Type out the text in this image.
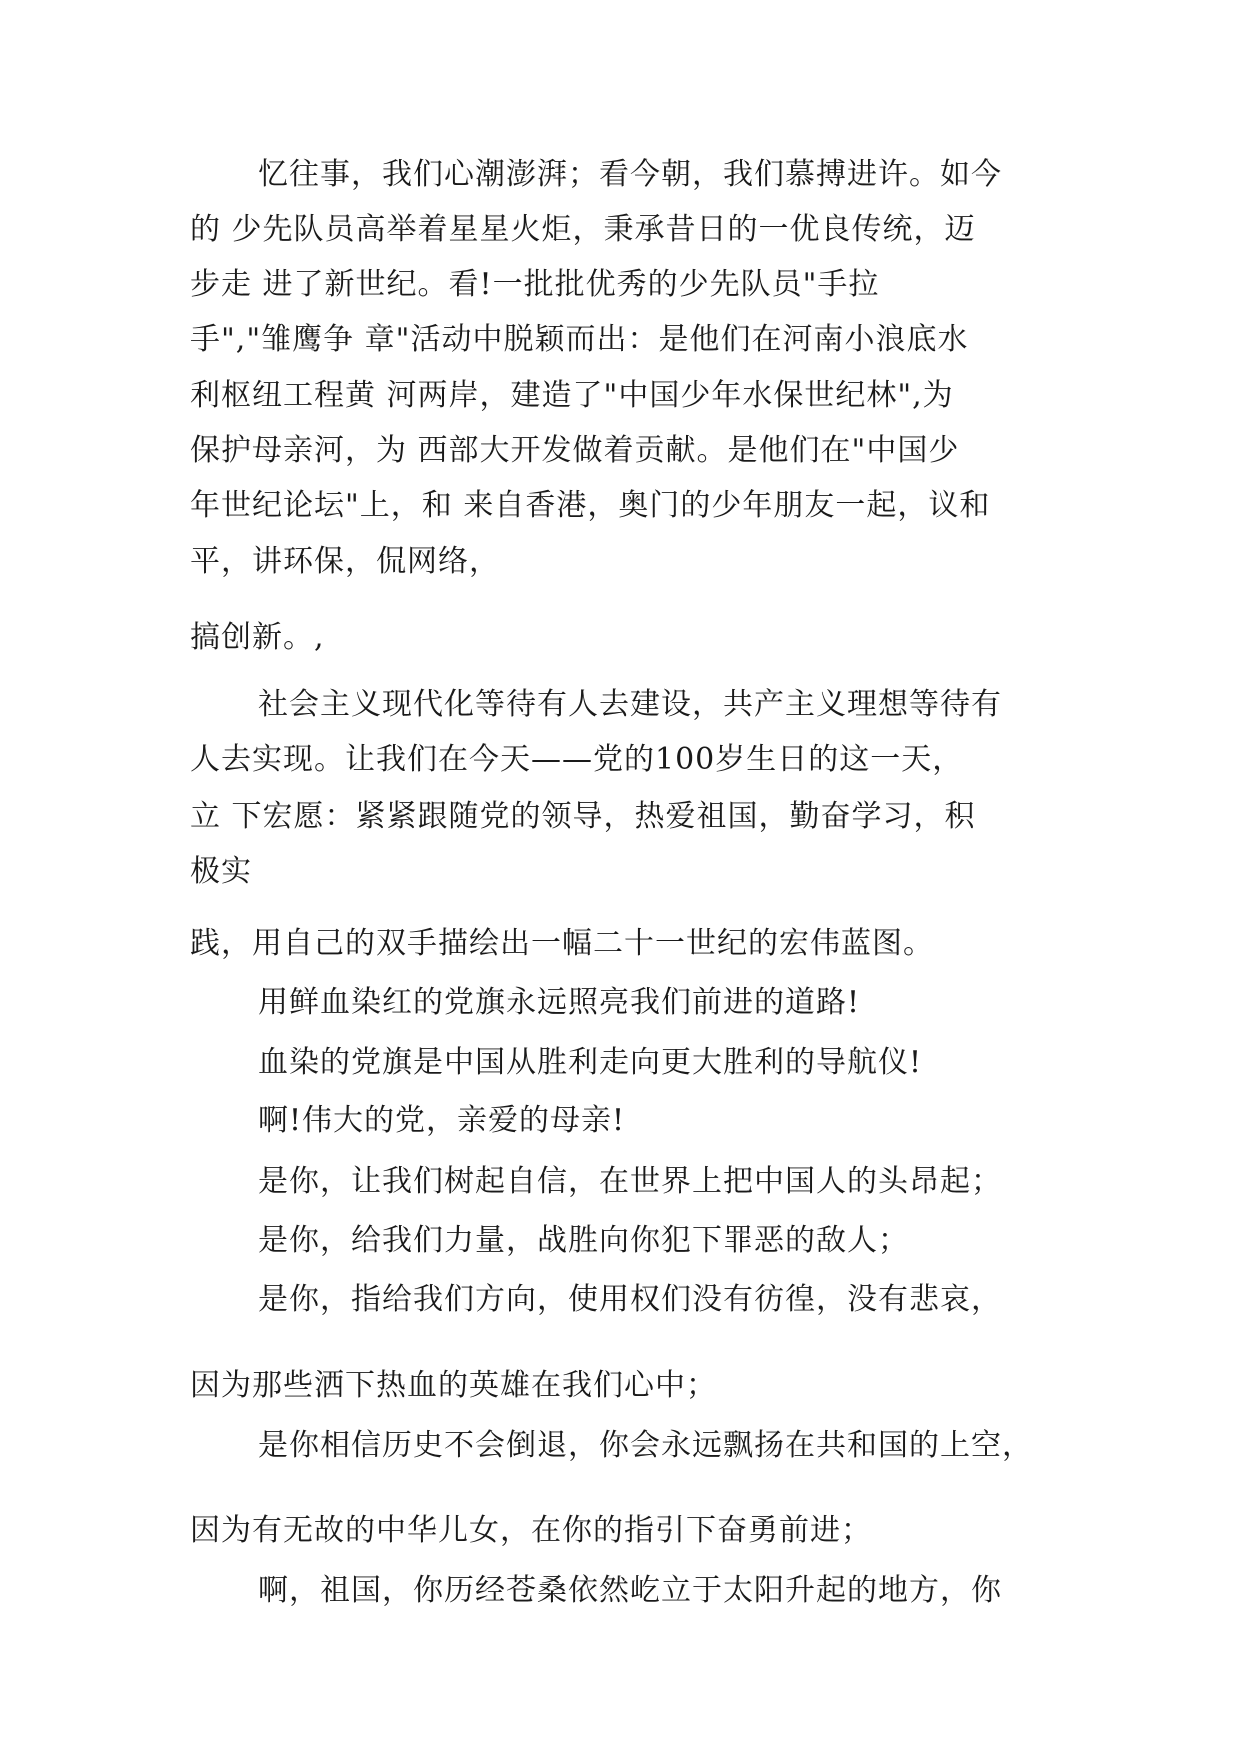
忆往事，我们心潮澎湃；看今朝，我们慕搏进许。如今
的 少先队员高举着星星火炬，秉承昔日的一优良传统，迈
步走 进了新世纪。看!一批批优秀的少先队员"手拉
手","雏鹰争 章"活动中脱颖而出：是他们在河南小浪底水
利枢纽工程黄 河两岸，建造了"中国少年水保世纪林",为
保护母亲河，为 西部大开发做着贡献。是他们在"中国少
年世纪论坛"上，和 来自香港，奥门的少年朋友一起，议和
平，讲环保，侃网络，
搞创新。,
社会主义现代化等待有人去建设，共产主义理想等待有
人去实现。让我们在今天——党的100岁生日的这一天，
立 下宏愿：紧紧跟随党的领导，热爱祖国，勤奋学习，积
极实
践，用自己的双手描绘出一幅二十一世纪的宏伟蓝图。
用鲜血染红的党旗永远照亮我们前进的道路!
血染的党旗是中国从胜利走向更大胜利的导航仪!
啊!伟大的党，亲爱的母亲!
是你，让我们树起自信，在世界上把中国人的头昂起；
是你，给我们力量，战胜向你犯下罪恶的敌人；
是你，指给我们方向，使用权们没有彷徨，没有悲哀，
因为那些洒下热血的英雄在我们心中；
是你相信历史不会倒退，你会永远飘扬在共和国的上空，
因为有无故的中华儿女，在你的指引下奋勇前进；
啊，祖国，你历经苍桑依然屹立于太阳升起的地方，你
